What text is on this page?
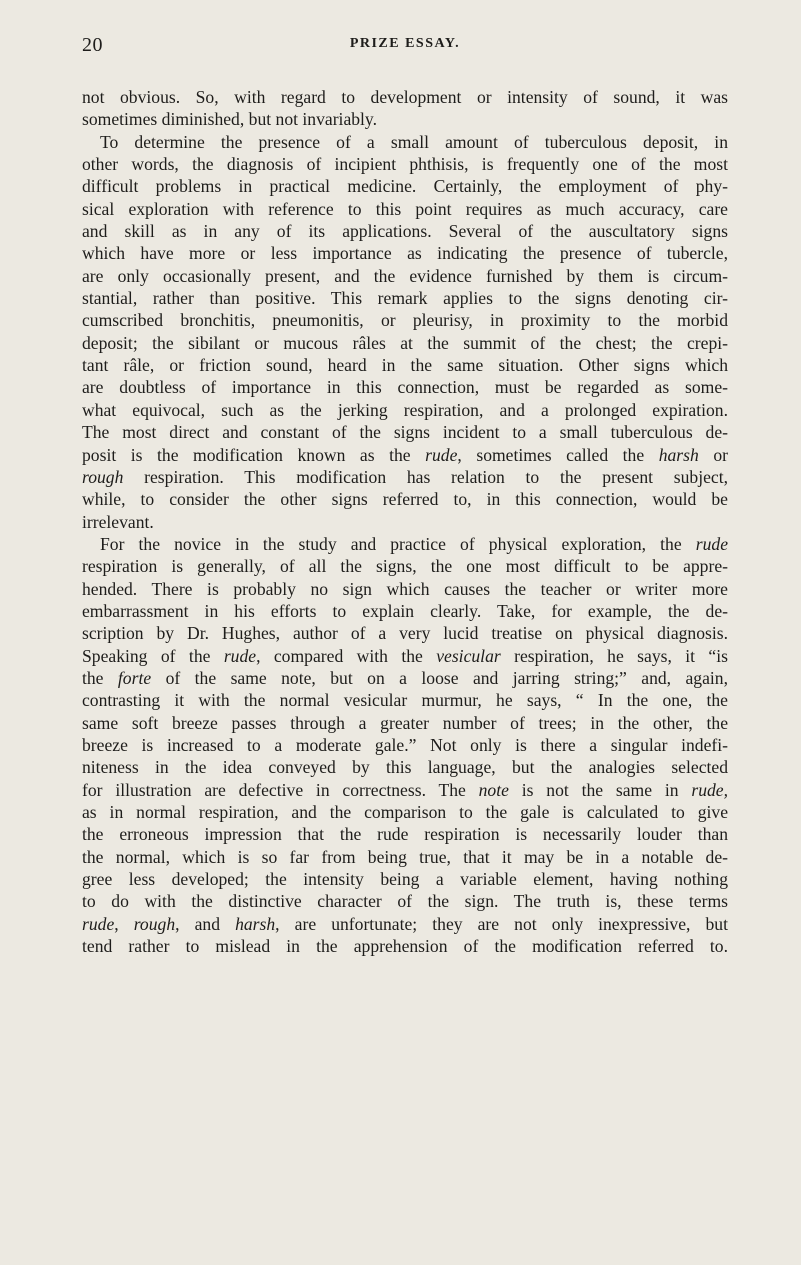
20	PRIZE ESSAY.
not obvious. So, with regard to development or intensity of sound, it was
sometimes diminished, but not invariably.
To determine the presence of a small amount of tuberculous deposit, in
other words, the diagnosis of incipient phthisis, is frequently one of the most
difficult problems in practical medicine. Certainly, the employment of phy-
sical exploration with reference to this point requires as much accuracy, care
and skill as in any of its applications. Several of the auscultatory signs
which have more or less importance as indicating the presence of tubercle,
are only occasionally present, and the evidence furnished by them is circum-
stantial, rather than positive. This remark applies to the signs denoting cir-
cumscribed bronchitis, pneumonitis, or pleurisy, in proximity to the morbid
deposit; the sibilant or mucous râles at the summit of the chest; the crepi-
tant râle, or friction sound, heard in the same situation. Other signs which
are doubtless of importance in this connection, must be regarded as some-
what equivocal, such as the jerking respiration, and a prolonged expiration.
The most direct and constant of the signs incident to a small tuberculous de-
posit is the modification known as the rude, sometimes called the harsh or
rough respiration. This modification has relation to the present subject,
while, to consider the other signs referred to, in this connection, would be
irrelevant.
For the novice in the study and practice of physical exploration, the rude
respiration is generally, of all the signs, the one most difficult to be appre-
hended. There is probably no sign which causes the teacher or writer more
embarrassment in his efforts to explain clearly. Take, for example, the de-
scription by Dr. Hughes, author of a very lucid treatise on physical diagnosis.
Speaking of the rude, compared with the vesicular respiration, he says, it “is
the forte of the same note, but on a loose and jarring string;” and, again,
contrasting it with the normal vesicular murmur, he says, “ In the one, the
same soft breeze passes through a greater number of trees; in the other, the
breeze is increased to a moderate gale.” Not only is there a singular indefi-
niteness in the idea conveyed by this language, but the analogies selected
for illustration are defective in correctness. The note is not the same in rude,
as in normal respiration, and the comparison to the gale is calculated to give
the erroneous impression that the rude respiration is necessarily louder than
the normal, which is so far from being true, that it may be in a notable de-
gree less developed; the intensity being a variable element, having nothing
to do with the distinctive character of the sign. The truth is, these terms
rude, rough, and harsh, are unfortunate; they are not only inexpressive, but
tend rather to mislead in the apprehension of the modification referred to.
